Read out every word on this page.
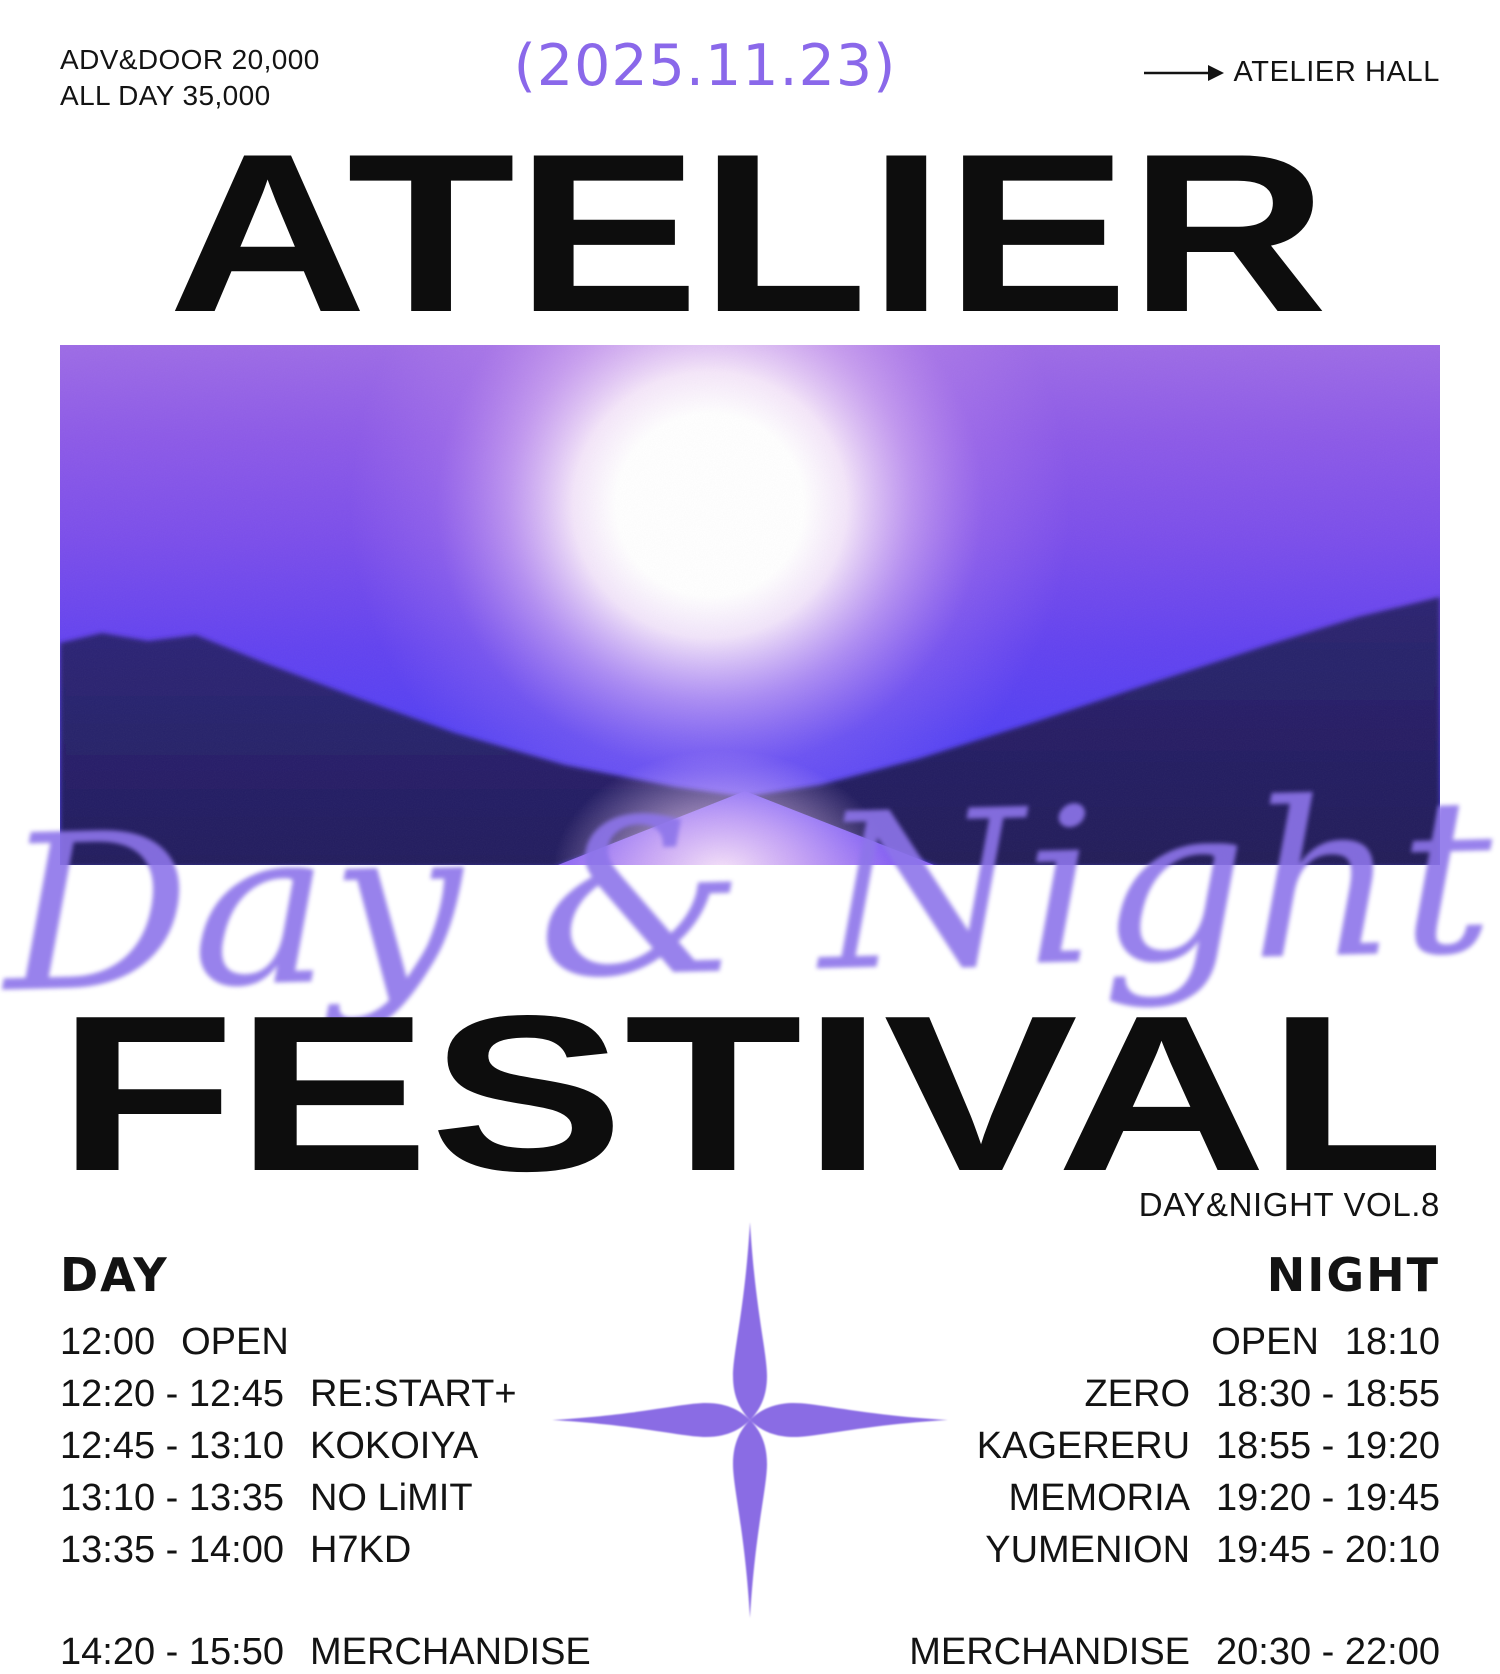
ADV&DOOR 20,000
ALL DAY 35,000	(2025.11.23)	ATELIER HALL
ATELIER
Day & Night
FESTIVAL
DAY&NIGHT VOL.8
DAY
12:00 OPEN
12:20 - 12:45 RE:START+
12:45 - 13:10 KOKOIYA
13:10 - 13:35 NO LiMIT
13:35 - 14:00 H7KD
14:20 - 15:50 MERCHANDISE
NIGHT
OPEN 18:10
ZERO 18:30 - 18:55
KAGERERU 18:55 - 19:20
MEMORIA 19:20 - 19:45
YUMENION 19:45 - 20:10
MERCHANDISE 20:30 - 22:00
